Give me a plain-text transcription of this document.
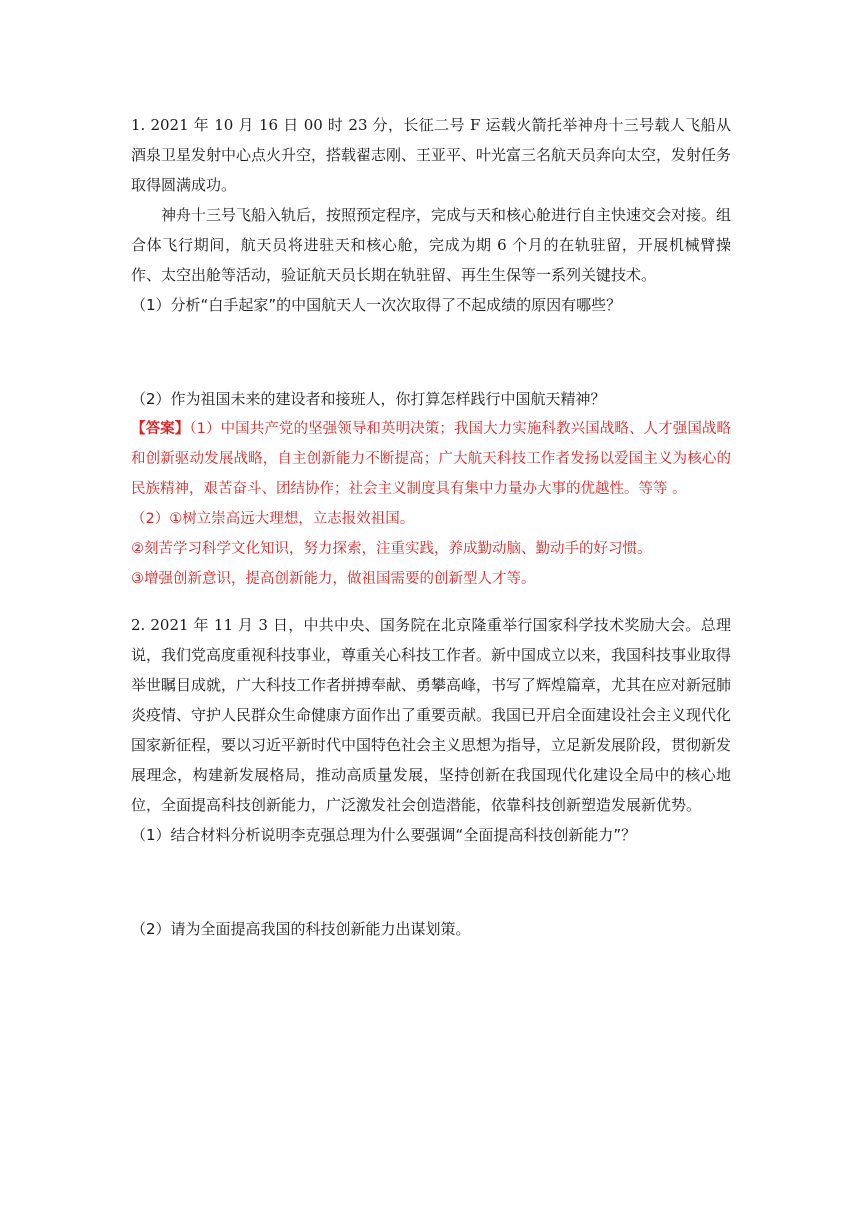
1. 2021 年 10 月 16 日 00 时 23 分，长征二号 F 运载火箭托举神舟十三号载人飞船从酒泉卫星发射中心点火升空，搭载翟志刚、王亚平、叶光富三名航天员奔向太空，发射任务取得圆满成功。

神舟十三号飞船入轨后，按照预定程序，完成与天和核心舱进行自主快速交会对接。组合体飞行期间，航天员将进驻天和核心舱，完成为期 6 个月的在轨驻留，开展机械臂操作、太空出舱等活动，验证航天员长期在轨驻留、再生生保等一系列关键技术。

（1）分析“白手起家”的中国航天人一次次取得了不起成绩的原因有哪些？

（2）作为祖国未来的建设者和接班人，你打算怎样践行中国航天精神？

【答案】（1）中国共产党的坚强领导和英明决策；我国大力实施科教兴国战略、人才强国战略和创新驱动发展战略，自主创新能力不断提高；广大航天科技工作者发扬以爱国主义为核心的民族精神，艰苦奋斗、团结协作；社会主义制度具有集中力量办大事的优越性。等等 。

（2）①树立崇高远大理想，立志报效祖国。

②刻苦学习科学文化知识，努力探索，注重实践，养成勤动脑、勤动手的好习惯。

③增强创新意识，提高创新能力，做祖国需要的创新型人才等。

2. 2021 年 11 月 3 日，中共中央、国务院在北京隆重举行国家科学技术奖励大会。总理说，我们党高度重视科技事业，尊重关心科技工作者。新中国成立以来，我国科技事业取得举世瞩目成就，广大科技工作者拼搏奉献、勇攀高峰，书写了辉煌篇章，尤其在应对新冠肺炎疫情、守护人民群众生命健康方面作出了重要贡献。我国已开启全面建设社会主义现代化国家新征程，要以习近平新时代中国特色社会主义思想为指导，立足新发展阶段，贯彻新发展理念，构建新发展格局，推动高质量发展，坚持创新在我国现代化建设全局中的核心地位，全面提高科技创新能力，广泛激发社会创造潜能，依靠科技创新塑造发展新优势。

（1）结合材料分析说明李克强总理为什么要强调“全面提高科技创新能力”？

（2）请为全面提高我国的科技创新能力出谋划策。
